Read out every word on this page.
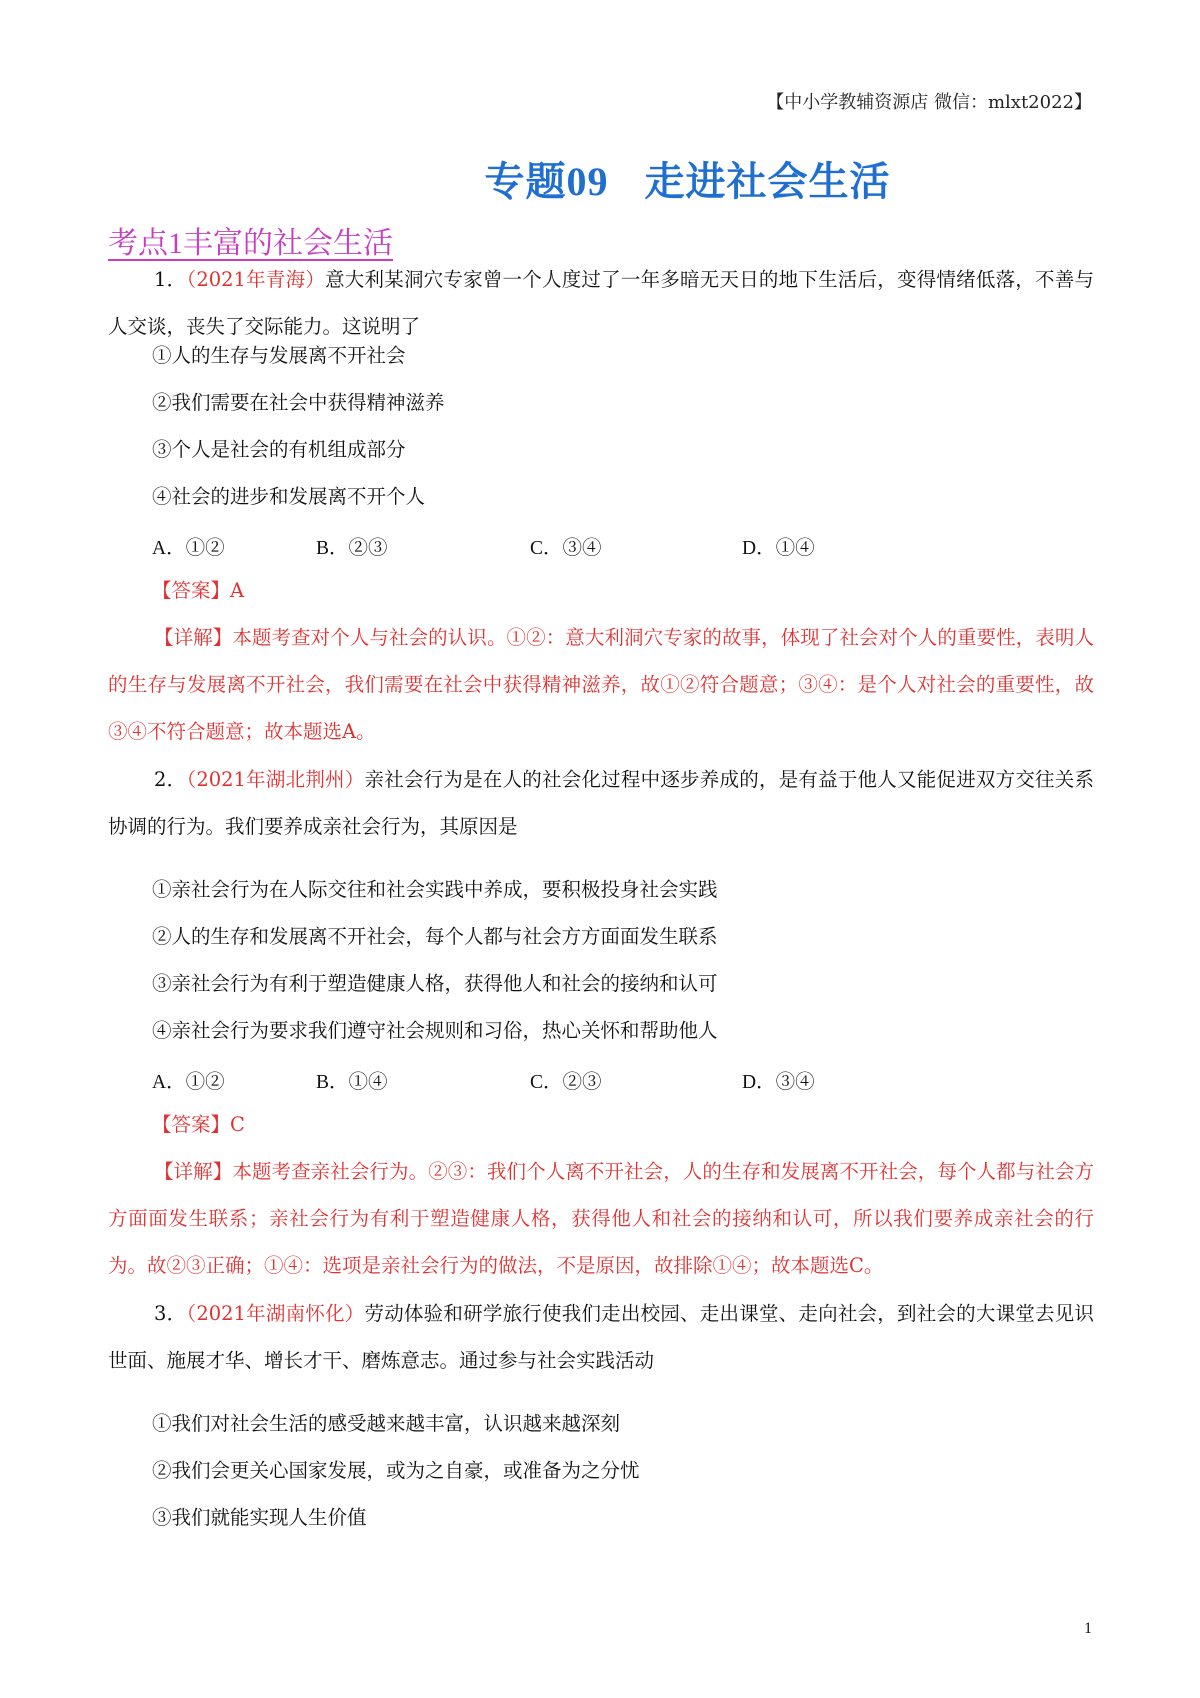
【中小学教辅资源店 微信：mlxt2022】
专题09 走进社会生活
考点1丰富的社会生活
1．（2021年青海）意大利某洞穴专家曾一个人度过了一年多暗无天日的地下生活后，变得情绪低落，不善与人交谈，丧失了交际能力。这说明了
①人的生存与发展离不开社会
②我们需要在社会中获得精神滋养
③个人是社会的有机组成部分
④社会的进步和发展离不开个人
A．①②	B．②③	C．③④	D．①④
【答案】A
【详解】本题考查对个人与社会的认识。①②：意大利洞穴专家的故事，体现了社会对个人的重要性，表明人的生存与发展离不开社会，我们需要在社会中获得精神滋养，故①②符合题意；③④：是个人对社会的重要性，故③④不符合题意；故本题选A。
2．（2021年湖北荆州）亲社会行为是在人的社会化过程中逐步养成的，是有益于他人又能促进双方交往关系协调的行为。我们要养成亲社会行为，其原因是
①亲社会行为在人际交往和社会实践中养成，要积极投身社会实践
②人的生存和发展离不开社会，每个人都与社会方方面面发生联系
③亲社会行为有利于塑造健康人格，获得他人和社会的接纳和认可
④亲社会行为要求我们遵守社会规则和习俗，热心关怀和帮助他人
A．①②	B．①④	C．②③	D．③④
【答案】C
【详解】本题考查亲社会行为。②③：我们个人离不开社会，人的生存和发展离不开社会，每个人都与社会方方面面发生联系；亲社会行为有利于塑造健康人格，获得他人和社会的接纳和认可，所以我们要养成亲社会的行为。故②③正确；①④：选项是亲社会行为的做法，不是原因，故排除①④；故本题选C。
3．（2021年湖南怀化）劳动体验和研学旅行使我们走出校园、走出课堂、走向社会，到社会的大课堂去见识世面、施展才华、增长才干、磨炼意志。通过参与社会实践活动
①我们对社会生活的感受越来越丰富，认识越来越深刻
②我们会更关心国家发展，或为之自豪，或准备为之分忧
③我们就能实现人生价值
1
